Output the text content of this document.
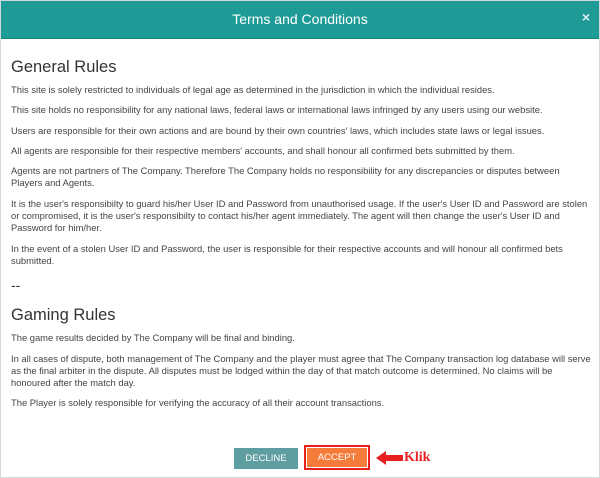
Terms and Conditions	×
General Rules

This site is solely restricted to individuals of legal age as determined in the jurisdiction in which the individual resides.

This site holds no responsibility for any national laws, federal laws or international laws infringed by any users using our website.

Users are responsible for their own actions and are bound by their own countries' laws, which includes state laws or legal issues.

All agents are responsible for their respective members' accounts, and shall honour all confirmed bets submitted by them.

Agents are not partners of The Company. Therefore The Company holds no responsibility for any discrepancies or disputes between Players and Agents.

It is the user's responsibilty to guard his/her User ID and Password from unauthorised usage. If the user's User ID and Password are stolen or compromised, it is the user's responsibilty to contact his/her agent immediately. The agent will then change the user's User ID and Password for him/her.

In the event of a stolen User ID and Password, the user is responsible for their respective accounts and will honour all confirmed bets submitted.

--
Gaming Rules

The game results decided by The Company will be final and binding.

In all cases of dispute, both management of The Company and the player must agree that The Company transaction log database will serve as the final arbiter in the dispute. All disputes must be lodged within the day of that match outcome is determined. No claims will be honoured after the match day.

The Player is solely responsible for verifying the accuracy of all their account transactions.

DECLINE	ACCEPT	Klik
